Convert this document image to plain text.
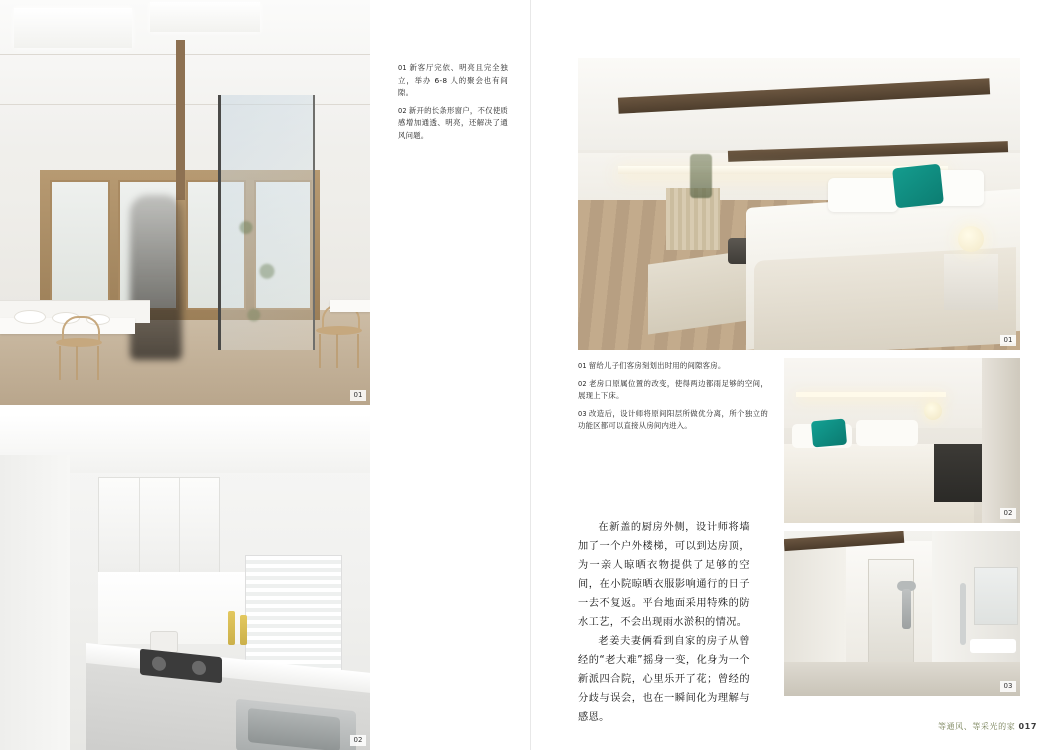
01
02

01 新客厅完依、明亮且完全独立，举办 6-8 人的聚会也有间隙。

02 新开的长条形窗户，不仅使质感增加通透、明亮，还解决了通风问题。

01

01 留给儿子们客房刻划出时用的间隙客房。

02 老房口原属位置的改变，使得两边都雨足够的空间，展现上下床。

03 改造后，设计师将原间阳层所做优分离，所个独立的功能区都可以直接从房间内进入。

在新盖的厨房外侧，设计师将墙加了一个户外楼梯，可以到达房顶，为一亲人晾晒衣物提供了足够的空间，在小院晾晒衣服影响通行的日子一去不复返。平台地面采用特殊的防水工艺，不会出现雨水淤积的情况。

老姜夫妻俩看到自家的房子从曾经的“老大难”摇身一变，化身为一个新派四合院，心里乐开了花；曾经的分歧与误会，也在一瞬间化为理解与感恩。

02
03
等通风、等采光的家 017
